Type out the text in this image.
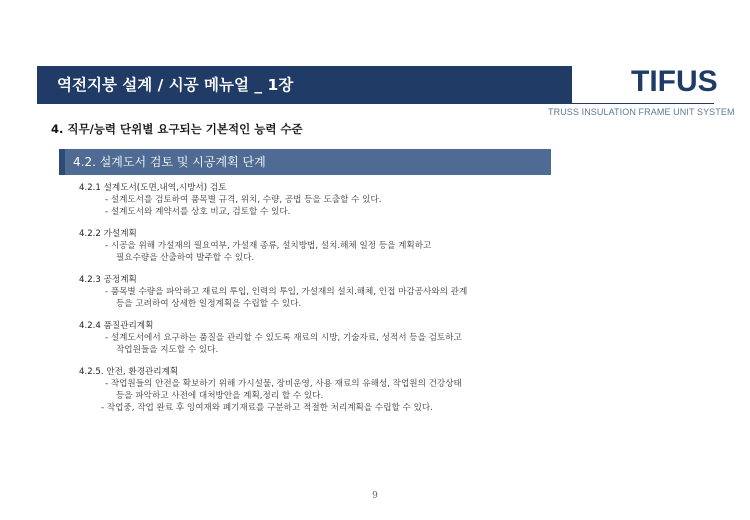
역전지붕 설계 / 시공 메뉴얼 _ 1장	TIFUS
TRUSS INSULATION FRAME UNIT SYSTEM
4. 직무/능력 단위별 요구되는 기본적인 능력 수준
4.2. 설계도서 검토 및 시공계획 단계
4.2.1 설계도서(도면,내역,시방서) 검토
- 설계도서를 검토하여 품목별 규격, 위치, 수량, 공법 등을 도출할 수 있다.
- 설계도서와 계약서를 상호 비교, 검토할 수 있다.
4.2.2 가설계획
- 시공을 위해 가설재의 필요여부, 가설재 종류, 설치방법, 설치.해체 일정 등을 계획하고
필요수량을 산출하여 발주할 수 있다.
4.2.3 공정계획
- 품목별 수량을 파악하고 재료의 투입, 인력의 투입, 가설재의 설치.해체, 인접 마감공사와의 관계
등을 고려하여 상세한 일정계획을 수립할 수 있다.
4.2.4 품질관리계획
- 설계도서에서 요구하는 품질을 관리할 수 있도록 재료의 시방, 기술자료, 성적서 등을 검토하고
작업원들을 지도할 수 있다.
4.2.5. 안전, 환경관리계획
- 작업원들의 안전을 확보하기 위해 가시설물, 장비운영, 사용 재료의 유해성, 작업원의 건강상태
등을 파악하고 사전에 대처방안을 계획,정리 할 수 있다.
- 작업중, 작업 완료 후 잉여재와 폐기재료를 구분하고 적절한 처리계획을 수립할 수 있다.
9
